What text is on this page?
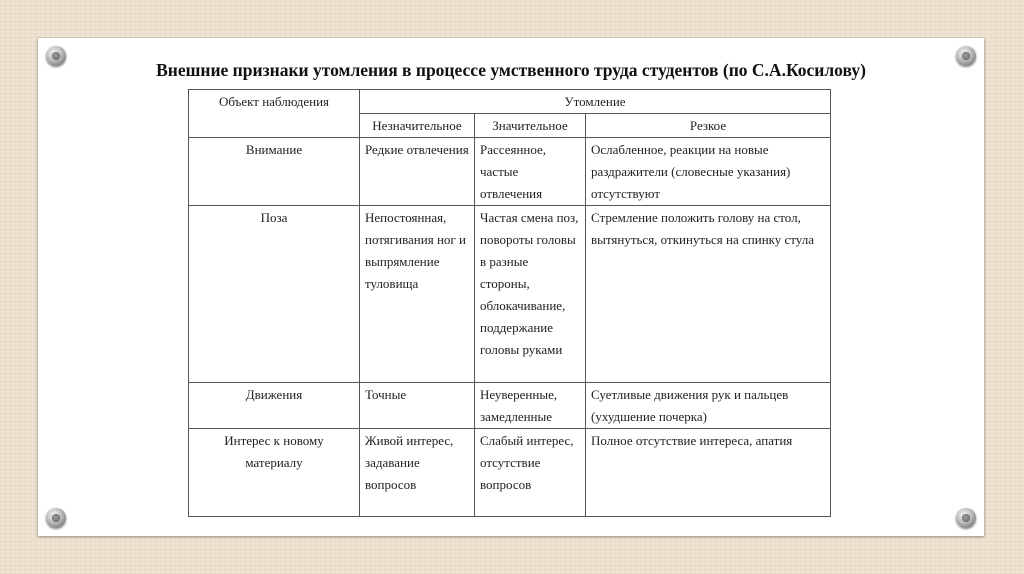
Внешние признаки утомления в процессе умственного труда студентов (по С.А.Косилову)
Объект наблюдения	Утомление		
	Незначительное	Значительное	Резкое
Внимание	Редкие отвлечения	Рассеянное, частые отвлечения	Ослабленное, реакции на новые раздражители (словесные указания) отсутствуют
Поза	Непостоянная, потягивания ног и выпрямление туловища	Частая смена поз, повороты головы в разные стороны, облокачивание, поддержание головы руками	Стремление положить голову на стол, вытянуться, откинуться на спинку стула
Движения	Точные	Неуверенные, замедленные	Суетливые движения рук и пальцев (ухудшение почерка)
Интерес к новому материалу	Живой интерес, задавание вопросов	Слабый интерес, отсутствие вопросов	Полное отсутствие интереса, апатия
